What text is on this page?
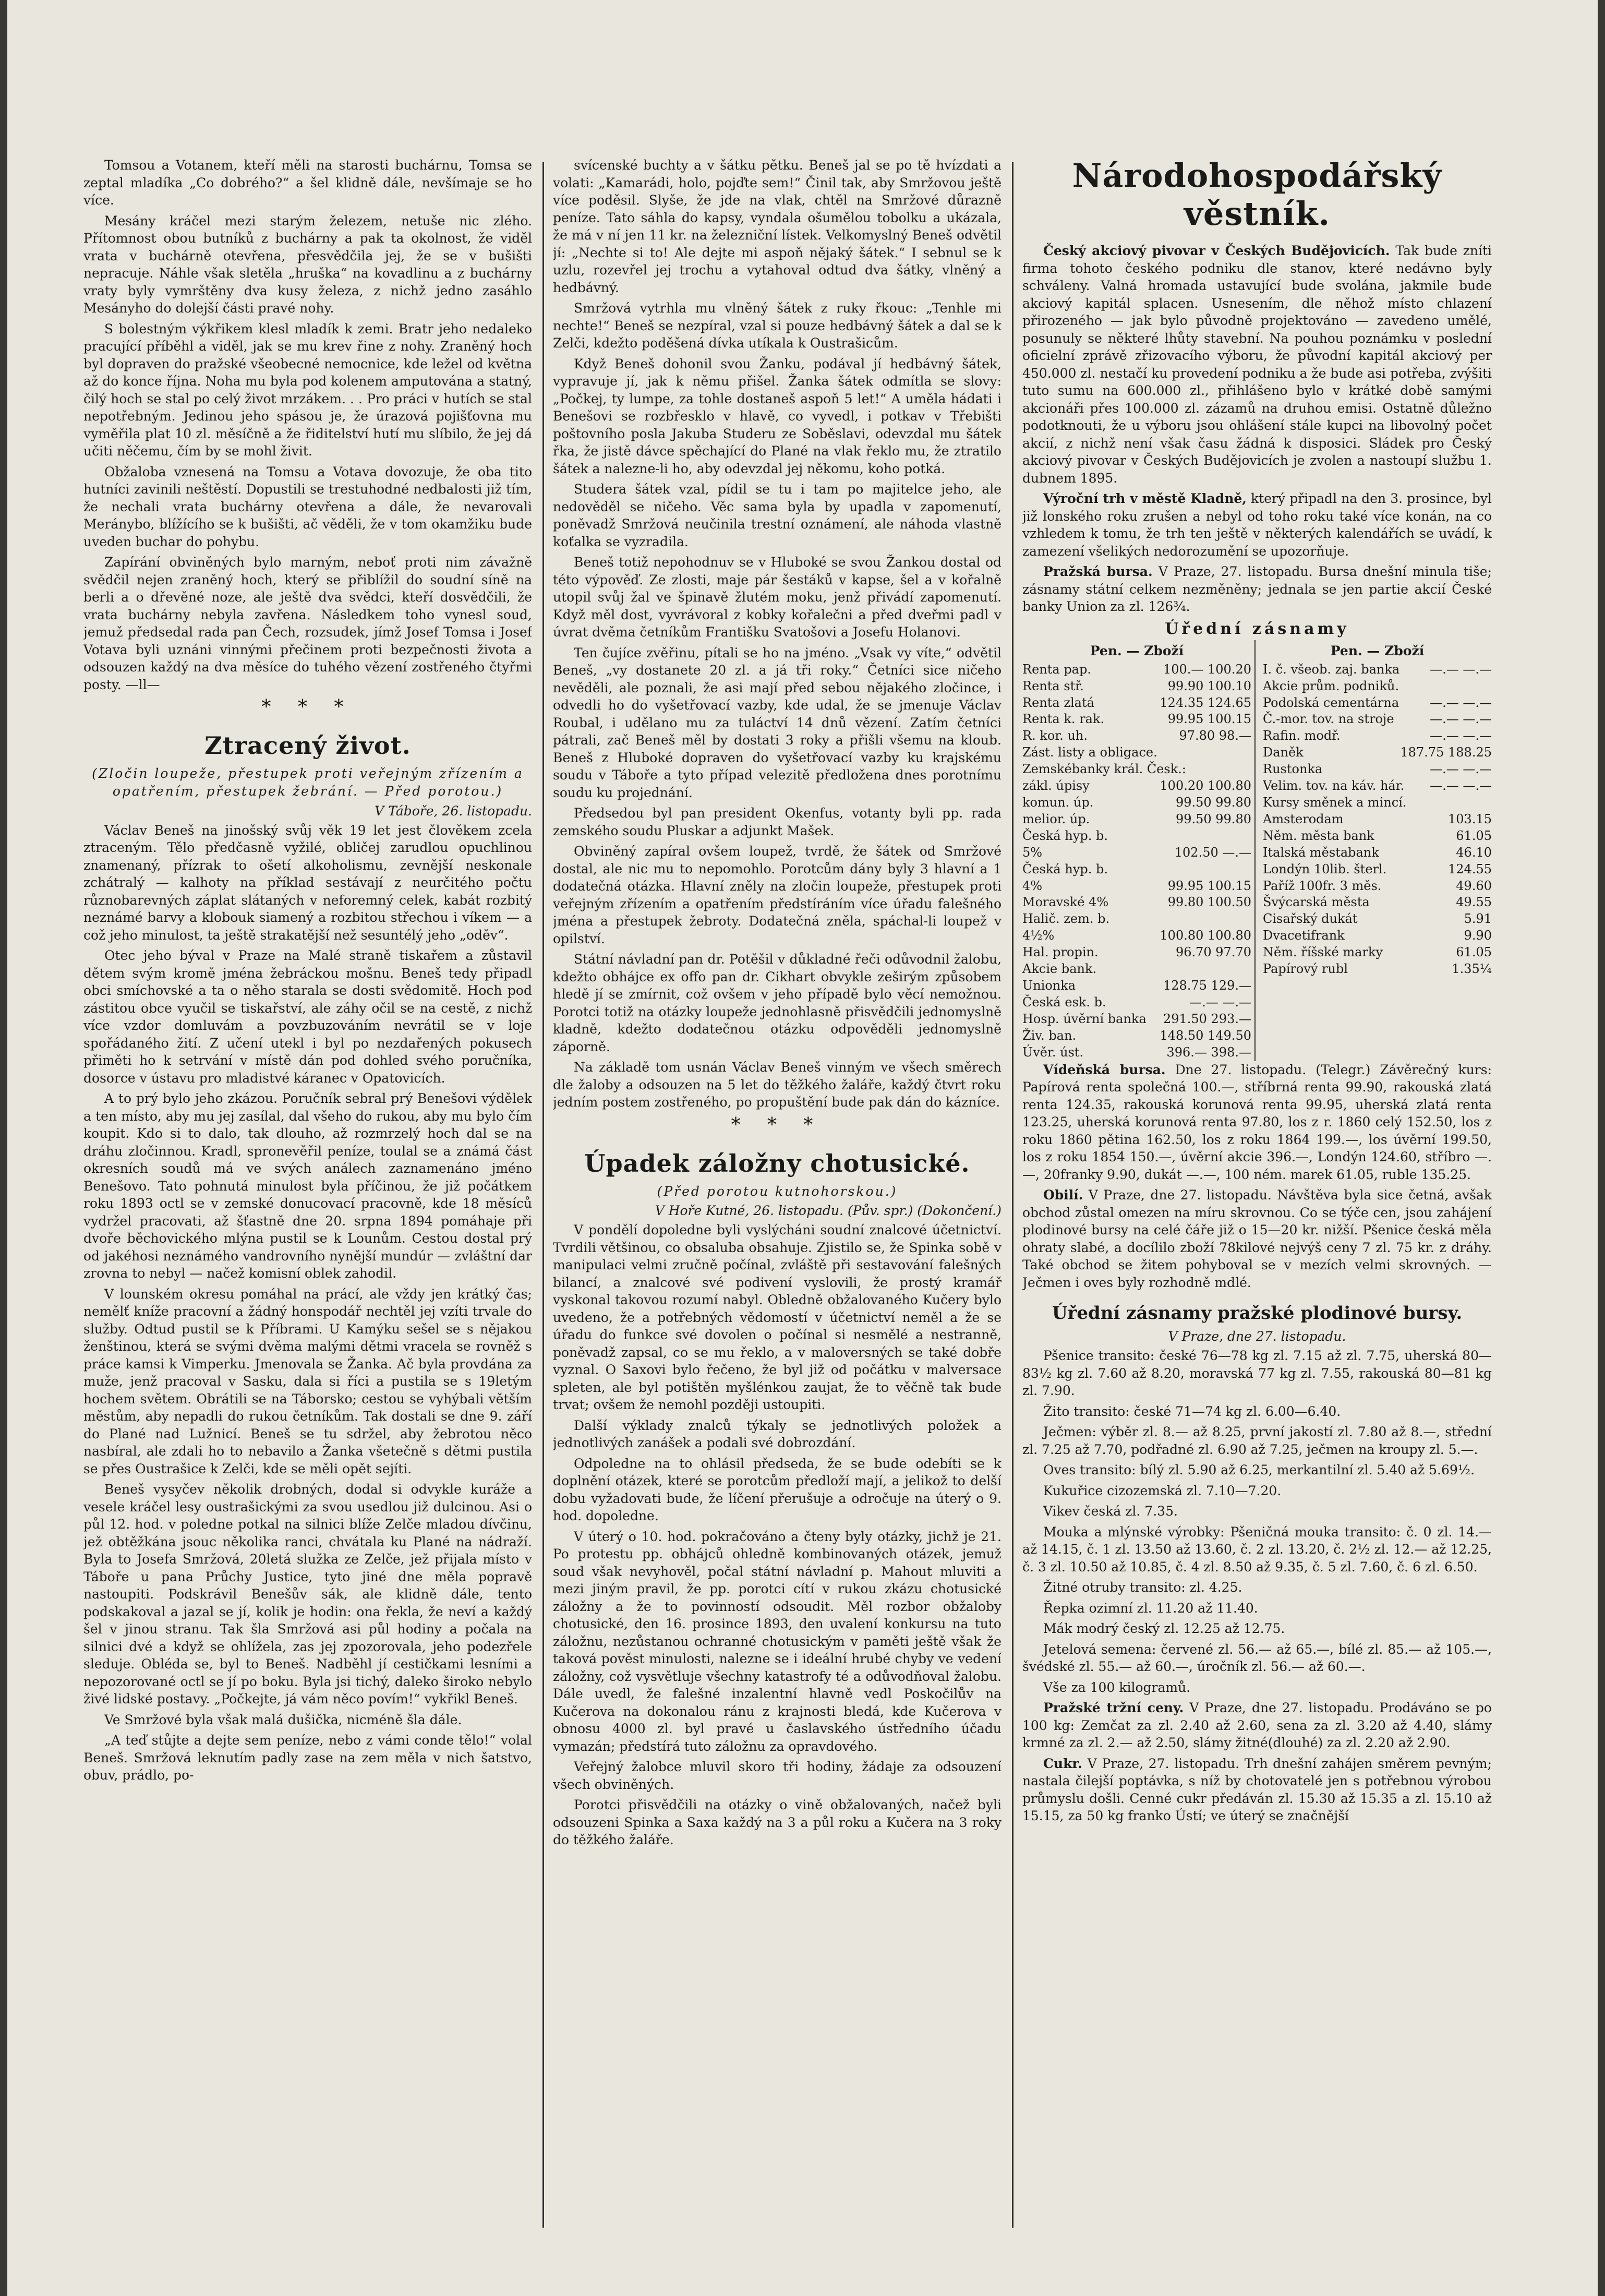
Tomsou a Votanem, kteří měli na starosti buchárnu, Tomsa se zeptal mladíka „Co dobrého?“ a šel klidně dále, nevšímaje se ho více.

Mesány kráčel mezi starým železem, netuše nic zlého. Přítomnost obou butníků z buchárny a pak ta okolnost, že viděl vrata v buchárně otevřena, přesvědčila jej, že se v bušišti nepracuje. Náhle však sletěla „hruška“ na kovadlinu a z buchárny vraty byly vymrštěny dva kusy železa, z nichž jedno zasáhlo Mesányho do dolejší části pravé nohy.

S bolestným výkřikem klesl mladík k zemi. Bratr jeho nedaleko pracující příběhl a viděl, jak se mu krev řine z nohy. Zraněný hoch byl dopraven do pražské všeobecné nemocnice, kde ležel od května až do konce října. Noha mu byla pod kolenem amputována a statný, čilý hoch se stal po celý život mrzákem. . . Pro práci v hutích se stal nepotřebným. Jedinou jeho spásou je, že úrazová pojišťovna mu vyměřila plat 10 zl. měsíčně a že řiditelství hutí mu slíbilo, že jej dá učiti něčemu, čím by se mohl živit.

Obžaloba vznesená na Tomsu a Votava dovozuje, že oba tito hutníci zavinili neštěstí. Dopustili se trestuhodné nedbalosti již tím, že nechali vrata buchárny otevřena a dále, že nevarovali Meránybo, blížícího se k bušišti, ač věděli, že v tom okamžiku bude uveden buchar do pohybu.

Zapírání obviněných bylo marným, neboť proti nim závažně svědčil nejen zraněný hoch, který se přiblížil do soudní síně na berli a o dřevěné noze, ale ještě dva svědci, kteří dosvědčili, že vrata buchárny nebyla zavřena. Následkem toho vynesl soud, jemuž předsedal rada pan Čech, rozsudek, jímž Josef Tomsa i Josef Votava byli uznáni vinnými přečinem proti bezpečnosti života a odsouzen každý na dva měsíce do tuhého vězení zostřeného čtyřmi posty. —ll—

* * *
Ztracený život.
(Zločin loupeže, přestupek proti veřejným zřízením a opatřením, přestupek žebrání. — Před porotou.)
V Táboře, 26. listopadu.

Václav Beneš na jinošský svůj věk 19 let jest člověkem zcela ztraceným. Tělo předčasně vyžilé, obličej zarudlou opuchlinou znamenaný, přízrak to ošetí alkoholismu, zevnější neskonale zchátralý — kalhoty na příklad sestávají z neurčitého počtu různobarevných záplat slátaných v neforemný celek, kabát rozbitý neznámé barvy a klobouk siamený a rozbitou střechou i víkem — a což jeho minulost, ta ještě strakatější než sesuntélý jeho „oděv“.

Otec jeho býval v Praze na Malé straně tiskařem a zůstavil dětem svým kromě jména žebráckou mošnu. Beneš tedy připadl obci smíchovské a ta o něho starala se dosti svědomitě. Hoch pod zástitou obce vyučil se tiskařství, ale záhy očil se na cestě, z nichž více vzdor domluvám a povzbuzováním nevrátil se v loje spořádaného žití. Z učení utekl i byl po nezdařených pokusech přiměti ho k setrvání v místě dán pod dohled svého poručníka, dosorce v ústavu pro mladistvé káranec v Opatovicích.

A to prý bylo jeho zkázou. Poručník sebral prý Benešovi výdělek a ten místo, aby mu jej zasílal, dal všeho do rukou, aby mu bylo čím koupit. Kdo si to dalo, tak dlouho, až rozmrzelý hoch dal se na dráhu zločinnou. Kradl, spronevěřil peníze, toulal se a známá část okresních soudů má ve svých análech zaznamenáno jméno Benešovo. Tato pohnutá minulost byla příčinou, že již počátkem roku 1893 octl se v zemské donucovací pracovně, kde 18 měsíců vydržel pracovati, až šťastně dne 20. srpna 1894 pomáhaje při dvoře běchovického mlýna pustil se k Lounům. Cestou dostal prý od jakéhosi neznámého vandrovního nynější mundúr — zvláštní dar zrovna to nebyl — načež komisní oblek zahodil.

V lounském okresu pomáhal na prácí, ale vždy jen krátký čas; nemělť kníže pracovní a žádný honspodář nechtěl jej vzíti trvale do služby. Odtud pustil se k Příbrami. U Kamýku sešel se s nějakou ženštinou, která se svými dvěma malými dětmi vracela se rovněž s práce kamsi k Vimperku. Jmenovala se Žanka. Ač byla provdána za muže, jenž pracoval v Sasku, dala si říci a pustila se s 19letým hochem světem. Obrátili se na Táborsko; cestou se vyhýbali větším městům, aby nepadli do rukou četníkům. Tak dostali se dne 9. září do Plané nad Lužnicí. Beneš se tu sdržel, aby žebrotou něco nasbíral, ale zdali ho to nebavilo a Žanka všetečně s dětmi pustila se přes Oustrašice k Zelči, kde se měli opět sejíti.

Beneš vysyčev několik drobných, dodal si odvykle kuráže a vesele kráčel lesy oustrašickými za svou usedlou již dulcinou. Asi o půl 12. hod. v poledne potkal na silnici blíže Zelče mladou dívčinu, jež obtěžkána jsouc několika ranci, chvátala ku Plané na nádraží. Byla to Josefa Smržová, 20letá služka ze Zelče, jež přijala místo v Táboře u pana Průchy Justice, tyto jiné dne měla popravě nastoupiti. Podskrávil Benešův sák, ale klidně dále, tento podskakoval a jazal se jí, kolik je hodin: ona řekla, že neví a každý šel v jinou stranu. Tak šla Smržová asi půl hodiny a počala na silnici dvé a když se ohlížela, zas jej zpozorovala, jeho podezřele sleduje. Obléda se, byl to Beneš. Nadběhl jí cestičkami lesními a nepozorované octl se jí po boku. Byla jsi tichý, daleko široko nebylo živé lidské postavy. „Počkejte, já vám něco povím!“ vykřikl Beneš.

Ve Smržové byla však malá dušička, nicméně šla dále.

„A teď stůjte a dejte sem peníze, nebo z vámi conde tělo!“ volal Beneš. Smržová leknutím padly zase na zem měla v nich šatstvo, obuv, prádlo, po-

svícenské buchty a v šátku pětku. Beneš jal se po tě hvízdati a volati: „Kamarádi, holo, pojďte sem!“ Činil tak, aby Smržovou ještě více poděsil. Slyše, že jde na vlak, chtěl na Smržové důrazně peníze. Tato sáhla do kapsy, vyndala ošumělou tobolku a ukázala, že má v ní jen 11 kr. na železniční lístek. Velkomyslný Beneš odvětil jí: „Nechte si to! Ale dejte mi aspoň nějaký šátek.“ I sebnul se k uzlu, rozevřel jej trochu a vytahoval odtud dva šátky, vlněný a hedbávný.

Smržová vytrhla mu vlněný šátek z ruky řkouc: „Tenhle mi nechte!“ Beneš se nezpíral, vzal si pouze hedbávný šátek a dal se k Zelči, kdežto poděšená dívka utíkala k Oustrašicům.

Když Beneš dohonil svou Žanku, podával jí hedbávný šátek, vypravuje jí, jak k němu přišel. Žanka šátek odmítla se slovy: „Počkej, ty lumpe, za tohle dostaneš aspoň 5 let!“ A uměla hádati i Benešovi se rozbřesklo v hlavě, co vyvedl, i potkav v Třebišti poštovního posla Jakuba Studeru ze Soběslavi, odevzdal mu šátek řka, že jistě dávce spěchající do Plané na vlak řeklo mu, že ztratilo šátek a nalezne-li ho, aby odevzdal jej někomu, koho potká.

Studera šátek vzal, pídil se tu i tam po majitelce jeho, ale nedověděl se ničeho. Věc sama byla by upadla v zapomenutí, poněvadž Smržová neučinila trestní oznámení, ale náhoda vlastně koťalka se vyzradila.

Beneš totiž nepohodnuv se v Hluboké se svou Žankou dostal od této výpověď. Ze zlosti, maje pár šestáků v kapse, šel a v kořalně utopil svůj žal ve špinavě žlutém moku, jenž přivádí zapomenutí. Když měl dost, vyvrávoral z kobky kořalečni a před dveřmi padl v úvrat dvěma četníkům Františku Svatošovi a Josefu Holanovi.

Ten čujíce zvěřinu, pítali se ho na jméno. „Vsak vy víte,“ odvětil Beneš, „vy dostanete 20 zl. a já tři roky.“ Četníci sice ničeho nevěděli, ale poznali, že asi mají před sebou nějakého zločince, i odvedli ho do vyšetřovací vazby, kde udal, že se jmenuje Václav Roubal, i udělano mu za tuláctví 14 dnů vězení. Zatím četníci pátrali, zač Beneš měl by dostati 3 roky a přišli všemu na kloub. Beneš z Hluboké dopraven do vyšetřovací vazby ku krajskému soudu v Táboře a tyto případ velezitě předložena dnes porotnímu soudu ku projednání.

Předsedou byl pan president Okenfus, votanty byli pp. rada zemského soudu Pluskar a adjunkt Mašek.

Obviněný zapíral ovšem loupež, tvrdě, že šátek od Smržové dostal, ale nic mu to nepomohlo. Porotcům dány byly 3 hlavní a 1 dodatečná otázka. Hlavní zněly na zločin loupeže, přestupek proti veřejným zřízením a opatřením předstíráním více úřadu falešného jména a přestupek žebroty. Dodatečná zněla, spáchal-li loupež v opilství.

Státní návladní pan dr. Potěšil v důkladné řeči odůvodnil žalobu, kdežto obhájce ex offo pan dr. Cikhart obvykle zeširým způsobem hledě jí se zmírnit, což ovšem v jeho případě bylo věcí nemožnou. Porotci totiž na otázky loupeže jednohlasně přisvědčili jednomyslně kladně, kdežto dodatečnou otázku odpověděli jednomyslně záporně.

Na základě tom usnán Václav Beneš vinným ve všech směrech dle žaloby a odsouzen na 5 let do těžkého žaláře, každý čtvrt roku jedním postem zostřeného, po propuštění bude pak dán do kázníce.

* * *
Úpadek záložny chotusické.
(Před porotou kutnohorskou.)
V Hoře Kutné, 26. listopadu. (Pův. spr.) (Dokončení.)

V pondělí dopoledne byli vyslýcháni soudní znalcové účetnictví. Tvrdili většinou, co obsaluba obsahuje. Zjistilo se, že Spinka sobě v manipulaci velmi zručně počínal, zvláště při sestavování falešných bilancí, a znalcové své podivení vyslovili, že prostý kramář vyskonal takovou rozumí nabyl. Obledně obžalovaného Kučery bylo uvedeno, že a potřebných vědomostí v účetnictví neměl a že se úřadu do funkce své dovolen o počínal si nesmělé a nestranně, poněvadž zapsal, co se mu řeklo, a v maloversných se také dobře vyznal. O Saxovi bylo řečeno, že byl již od počátku v malversace spleten, ale byl potištěn myšlénkou zaujat, že to věčně tak bude trvat; ovšem že nemohl později ustoupiti.

Další výklady znalců týkaly se jednotlivých položek a jednotlivých zanášek a podali své dobrozdání.

Odpoledne na to ohlásil předseda, že se bude odebíti se k doplnění otázek, které se porotcům předloží mají, a jelikož to delší dobu vyžadovati bude, že líčení přerušuje a odročuje na úterý o 9. hod. dopoledne.

V úterý o 10. hod. pokračováno a čteny byly otázky, jichž je 21. Po protestu pp. obhájců ohledně kombinovaných otázek, jemuž soud však nevyhověl, počal státní návladní p. Mahout mluviti a mezi jiným pravil, že pp. porotci cítí v rukou zkázu chotusické záložny a že to povinností odsoudit. Měl rozbor obžaloby chotusické, den 16. prosince 1893, den uvalení konkursu na tuto záložnu, nezůstanou ochranné chotusickým v paměti ještě však že taková pověst minulosti, nalezne se i ideální hrubé chyby ve vedení záložny, což vysvětluje všechny katastrofy té a odůvodňoval žalobu. Dále uvedl, že falešné inzalentní hlavně vedl Poskočilův na Kučerova na dokonalou ránu z krajnosti bledá, kde Kučerova v obnosu 4000 zl. byl pravé u časlavského ústředního účadu vymazán; předstírá tuto záložnu za opravdového.

Veřejný žalobce mluvil skoro tři hodiny, žádaje za odsouzení všech obviněných.

Porotci přisvědčili na otázky o vině obžalovaných, načež byli odsouzeni Spinka a Saxa každý na 3 a půl roku a Kučera na 3 roky do těžkého žaláře.

Národohospodářský věstník.

Český akciový pivovar v Českých Budějovicích. Tak bude zníti firma tohoto českého podniku dle stanov, které nedávno byly schváleny. Valná hromada ustavující bude svolána, jakmile bude akciový kapitál splacen. Usnesením, dle něhož místo chlazení přirozeného — jak bylo původně projektováno — zavedeno umělé, posunuly se některé lhůty stavební. Na pouhou poznámku v poslední oficielní zprávě zřizovacího výboru, že původní kapitál akciový per 450.000 zl. nestačí ku provedení podniku a že bude asi potřeba, zvýšiti tuto sumu na 600.000 zl., přihlášeno bylo v krátké době samými akcionáři přes 100.000 zl. zázamů na druhou emisi. Ostatně důležno podotknouti, že u výboru jsou ohlášení stále kupci na libovolný počet akcií, z nichž není však času žádná k disposici. Sládek pro Český akciový pivovar v Českých Budějovicích je zvolen a nastoupí službu 1. dubnem 1895.

Výroční trh v městě Kladně, který připadl na den 3. prosince, byl již lonského roku zrušen a nebyl od toho roku také více konán, na co vzhledem k tomu, že trh ten ještě v některých kalendářích se uvádí, k zamezení všelikých nedorozumění se upozorňuje.

Pražská bursa. V Praze, 27. listopadu. Bursa dnešní minula tiše; zásnamy státní celkem nezměněny; jednala se jen partie akcií České banky Union za zl. 126¾.

Úřední zásnamy
Pen. — Zboží
Renta pap.	100.— 100.20
Renta stř.	99.90 100.10
Renta zlatá	124.35 124.65
Renta k. rak.	99.95 100.15
R. kor. uh.	97.80 98.—
Zást. listy a obligace.
Zemskébanky král. Česk.:
zákl. úpisy	100.20 100.80
komun. úp.	99.50 99.80
melior. úp.	99.50 99.80
Česká hyp. b.
5%	102.50 —.—
Česká hyp. b.
4%	99.95 100.15
Moravské 4%	99.80 100.50
Halič. zem. b.
4½%	100.80 100.80
Hal. propin.	96.70 97.70
Akcie bank.
Unionka	128.75 129.—
Česká esk. b.	—.— —.—
Hosp. úvěrní banka	291.50 293.—
Živ. ban.	148.50 149.50
Úvěr. úst.	396.— 398.—
Pen. — Zboží
I. č. všeob. zaj. banka	—.— —.—
Akcie prům. podniků.
Podolská cementárna	—.— —.—
Č.-mor. tov. na stroje	—.— —.—
Rafin. modř.	—.— —.—
Daněk	187.75 188.25
Rustonka	—.— —.—
Velim. tov. na káv. hár.	—.— —.—
Kursy směnek a mincí.
Amsterodam	103.15
Něm. města bank	61.05
Italská městabank	46.10
Londýn 10lib. šterl.	124.55
Paříž 100fr. 3 měs.	49.60
Švýcarská města	49.55
Cisařský dukát	5.91
Dvacetifrank	9.90
Něm. říšské marky	61.05
Papírový rubl	1.35¼

Vídeňská bursa. Dne 27. listopadu. (Telegr.) Závěrečný kurs: Papírová renta společná 100.—, stříbrná renta 99.90, rakouská zlatá renta 124.35, rakouská korunová renta 99.95, uherská zlatá renta 123.25, uherská korunová renta 97.80, los z r. 1860 celý 152.50, los z roku 1860 pětina 162.50, los z roku 1864 199.—, los úvěrní 199.50, los z roku 1854 150.—, úvěrní akcie 396.—, Londýn 124.60, stříbro —.—, 20franky 9.90, dukát —.—, 100 ném. marek 61.05, ruble 135.25.

Obilí. V Praze, dne 27. listopadu. Návštěva byla sice četná, avšak obchod zůstal omezen na míru skrovnou. Co se týče cen, jsou zahájení plodinové bursy na celé čáře již o 15—20 kr. nižší. Pšenice česká měla ohraty slabé, a docílilo zboží 78kilové nejvýš ceny 7 zl. 75 kr. z dráhy. Také obchod se žitem pohyboval se v mezích velmi skrovných. — Ječmen i oves byly rozhodně mdlé.

Úřední zásnamy pražské plodinové bursy.
V Praze, dne 27. listopadu.

Pšenice transito: české 76—78 kg zl. 7.15 až zl. 7.75, uherská 80—83½ kg zl. 7.60 až 8.20, moravská 77 kg zl. 7.55, rakouská 80—81 kg zl. 7.90.

Žito transito: české 71—74 kg zl. 6.00—6.40.

Ječmen: výběr zl. 8.— až 8.25, první jakostí zl. 7.80 až 8.—, střední zl. 7.25 až 7.70, podřadné zl. 6.90 až 7.25, ječmen na kroupy zl. 5.—.

Oves transito: bílý zl. 5.90 až 6.25, merkantilní zl. 5.40 až 5.69½.

Kukuřice cizozemská zl. 7.10—7.20.

Vikev česká zl. 7.35.

Mouka a mlýnské výrobky: Pšeničná mouka transito: č. 0 zl. 14.— až 14.15, č. 1 zl. 13.50 až 13.60, č. 2 zl. 13.20, č. 2½ zl. 12.— až 12.25, č. 3 zl. 10.50 až 10.85, č. 4 zl. 8.50 až 9.35, č. 5 zl. 7.60, č. 6 zl. 6.50.

Žitné otruby transito: zl. 4.25.

Řepka ozimní zl. 11.20 až 11.40.

Mák modrý český zl. 12.25 až 12.75.

Jetelová semena: červené zl. 56.— až 65.—, bílé zl. 85.— až 105.—, švédské zl. 55.— až 60.—, úročník zl. 56.— až 60.—.

Vše za 100 kilogramů.

Pražské tržní ceny. V Praze, dne 27. listopadu. Prodáváno se po 100 kg: Zemčat za zl. 2.40 až 2.60, sena za zl. 3.20 až 4.40, slámy krmné za zl. 2.— až 2.50, slámy žitné(dlouhé) za zl. 2.20 až 2.90.

Cukr. V Praze, 27. listopadu. Trh dnešní zahájen směrem pevným; nastala čilejší poptávka, s níž by chotovatelé jen s potřebnou výrobou průmyslu došli. Cenné cukr předáván zl. 15.30 až 15.35 a zl. 15.10 až 15.15, za 50 kg franko Ústí; ve úterý se značnější
